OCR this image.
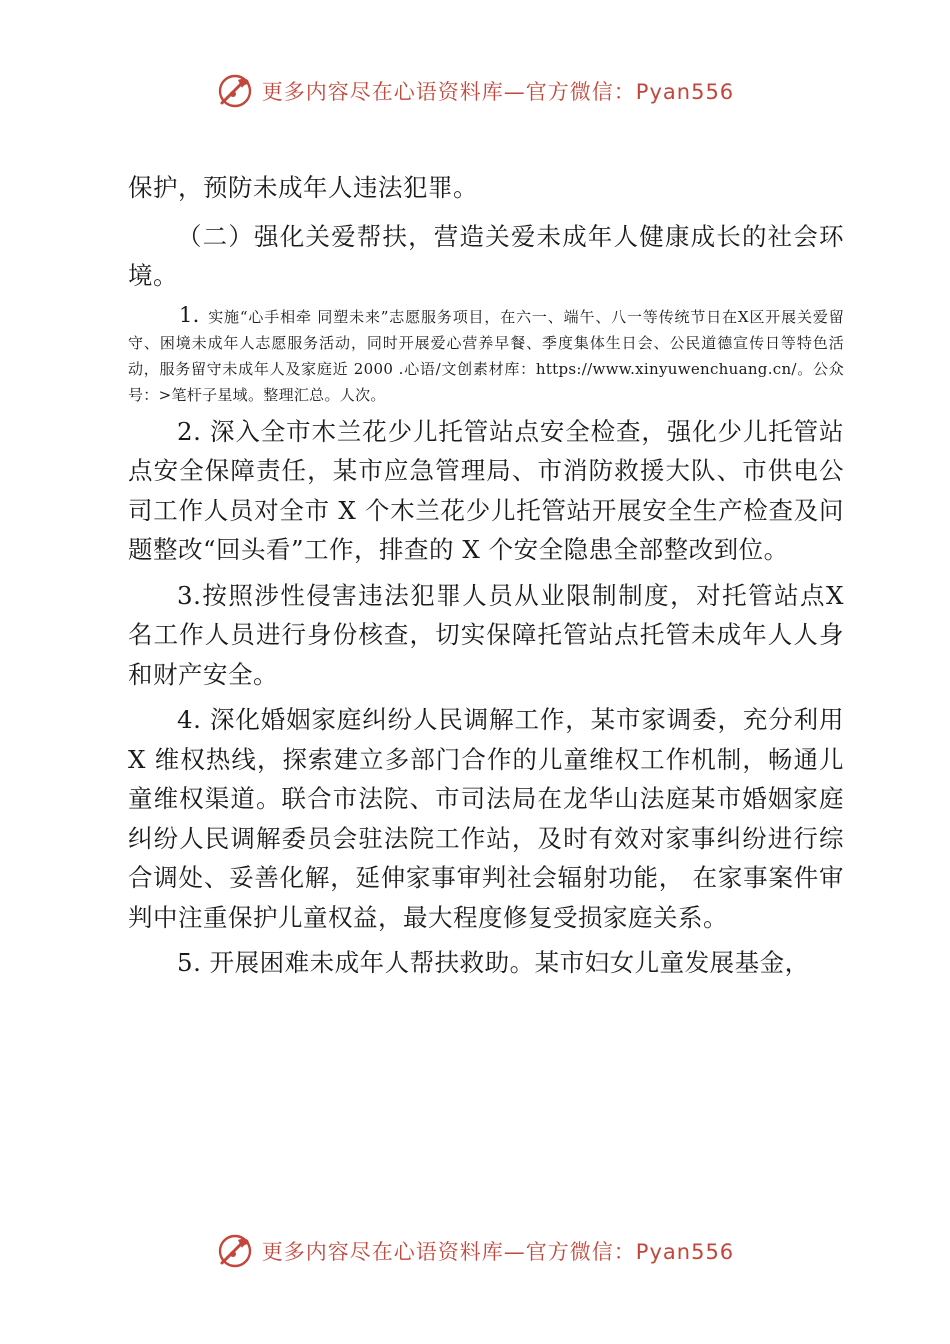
更多内容尽在心语资料库—官方微信：Pyan556

保护，预防未成年人违法犯罪。

（二）强化关爱帮扶，营造关爱未成年人健康成长的社会环境。

1. 实施“心手相牵 同塑未来”志愿服务项目，在六一、端午、八一等传统节日在X区开展关爱留守、困境未成年人志愿服务活动，同时开展爱心营养早餐、季度集体生日会、公民道德宣传日等特色活动，服务留守未成年人及家庭近 2000 .心语/文创素材库：https://www.xinyuwenchuang.cn/。公众号：>笔杆子星域。整理汇总。人次。

2. 深入全市木兰花少儿托管站点安全检查，强化少儿托管站点安全保障责任，某市应急管理局、市消防救援大队、市供电公司工作人员对全市 X 个木兰花少儿托管站开展安全生产检查及问题整改“回头看”工作，排查的 X 个安全隐患全部整改到位。

3.按照涉性侵害违法犯罪人员从业限制制度，对托管站点X 名工作人员进行身份核查，切实保障托管站点托管未成年人人身和财产安全。

4. 深化婚姻家庭纠纷人民调解工作，某市家调委，充分利用 X 维权热线，探索建立多部门合作的儿童维权工作机制，畅通儿童维权渠道。联合市法院、市司法局在龙华山法庭某市婚姻家庭纠纷人民调解委员会驻法院工作站，及时有效对家事纠纷进行综合调处、妥善化解，延伸家事审判社会辐射功能， 在家事案件审判中注重保护儿童权益，最大程度修复受损家庭关系。

5. 开展困难未成年人帮扶救助。某市妇女儿童发展基金，

更多内容尽在心语资料库—官方微信：Pyan556
